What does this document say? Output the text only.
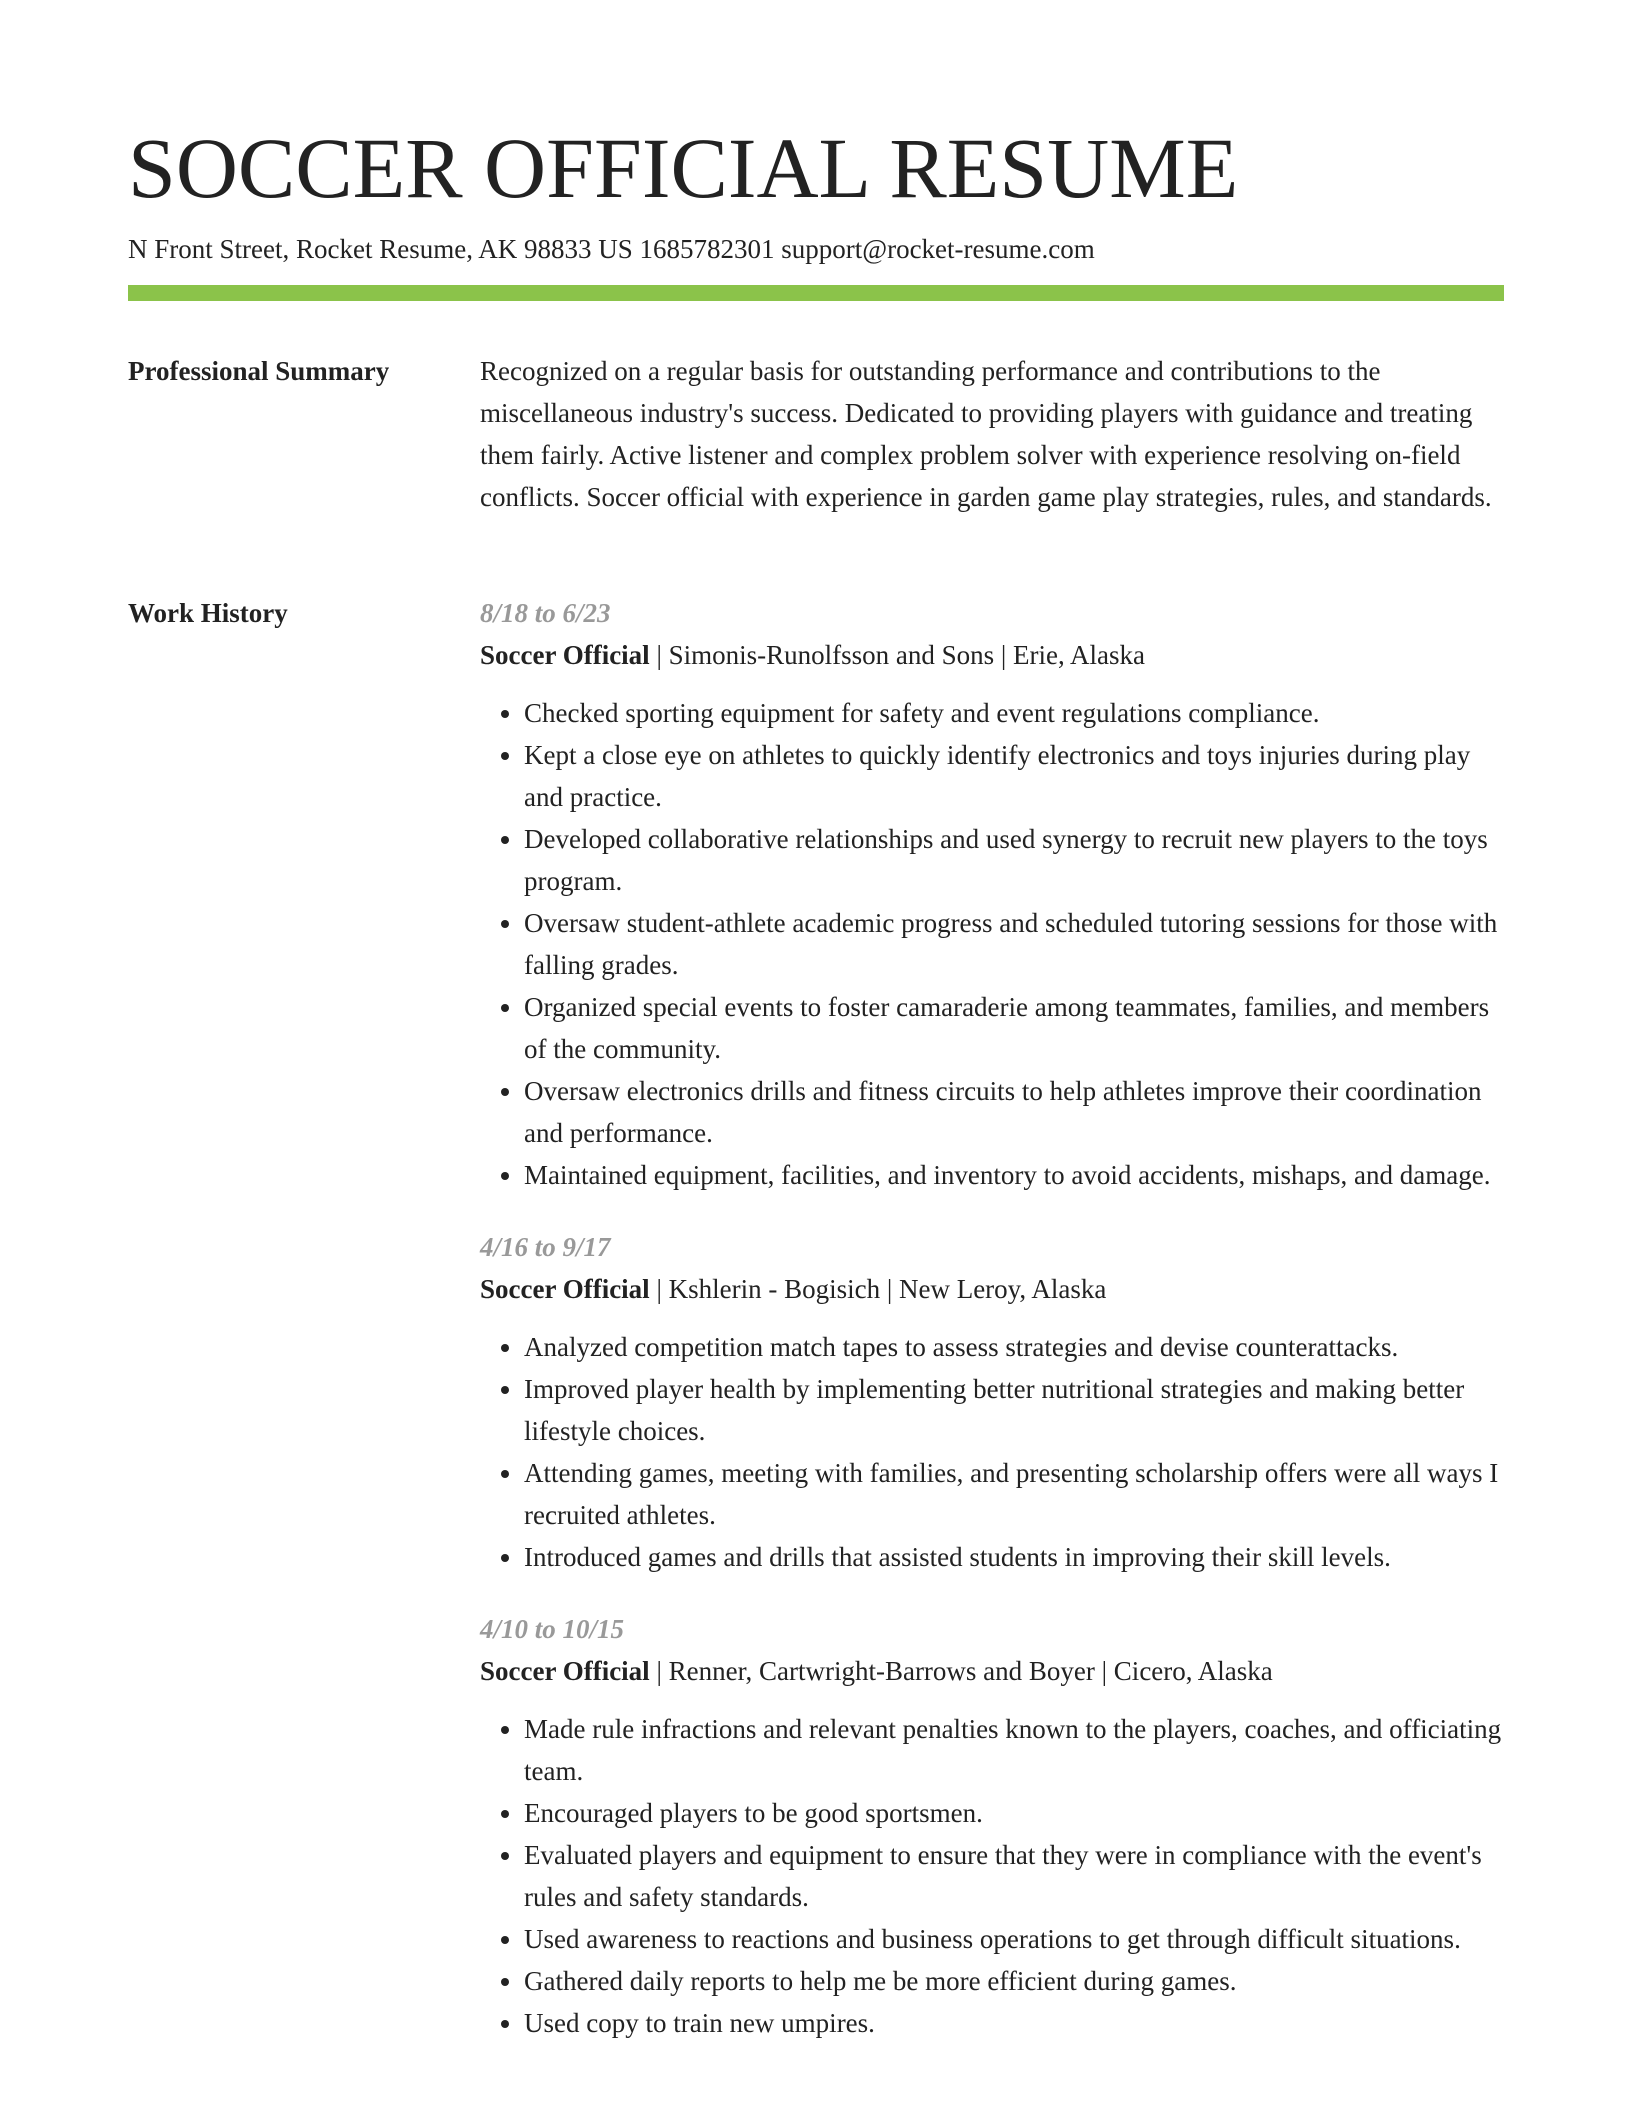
SOCCER OFFICIAL RESUME
N Front Street, Rocket Resume, AK 98833 US 1685782301 support@rocket-resume.com
Professional Summary	Recognized on a regular basis for outstanding performance and contributions to the miscellaneous industry's success. Dedicated to providing players with guidance and treating them fairly. Active listener and complex problem solver with experience resolving on-field conflicts. Soccer official with experience in garden game play strategies, rules, and standards.

Work History	8/18 to 6/23
Soccer Official | Simonis-Runolfsson and Sons | Erie, Alaska
• Checked sporting equipment for safety and event regulations compliance.
• Kept a close eye on athletes to quickly identify electronics and toys injuries during play and practice.
• Developed collaborative relationships and used synergy to recruit new players to the toys program.
• Oversaw student-athlete academic progress and scheduled tutoring sessions for those with falling grades.
• Organized special events to foster camaraderie among teammates, families, and members of the community.
• Oversaw electronics drills and fitness circuits to help athletes improve their coordination and performance.
• Maintained equipment, facilities, and inventory to avoid accidents, mishaps, and damage.
4/16 to 9/17
Soccer Official | Kshlerin - Bogisich | New Leroy, Alaska
• Analyzed competition match tapes to assess strategies and devise counterattacks.
• Improved player health by implementing better nutritional strategies and making better lifestyle choices.
• Attending games, meeting with families, and presenting scholarship offers were all ways I recruited athletes.
• Introduced games and drills that assisted students in improving their skill levels.
4/10 to 10/15
Soccer Official | Renner, Cartwright-Barrows and Boyer | Cicero, Alaska
• Made rule infractions and relevant penalties known to the players, coaches, and officiating team.
• Encouraged players to be good sportsmen.
• Evaluated players and equipment to ensure that they were in compliance with the event's rules and safety standards.
• Used awareness to reactions and business operations to get through difficult situations.
• Gathered daily reports to help me be more efficient during games.
• Used copy to train new umpires.
